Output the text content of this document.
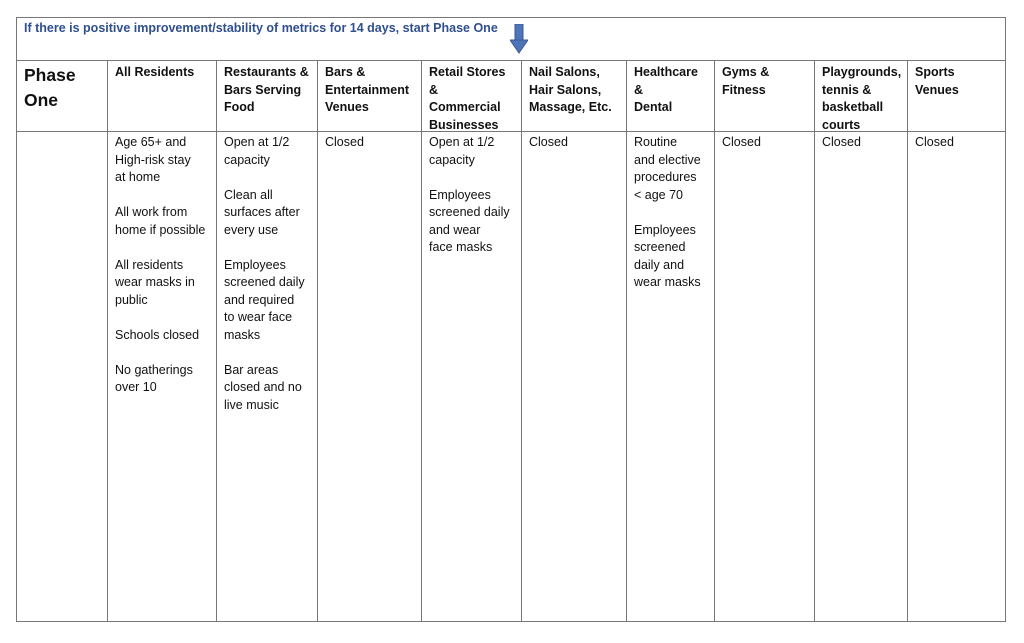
If there is positive improvement/stability of metrics for 14 days, start Phase One
Phase
One
All Residents
Age 65+ and
High-risk stay
at home

All work from
home if possible

All residents
wear masks in
public

Schools closed

No gatherings
over 10
Restaurants &
Bars Serving
Food
Open at 1/2
capacity

Clean all
surfaces after
every use

Employees
screened daily
and required
to wear face
masks

Bar areas
closed and no
live music
Bars &
Entertainment
Venues
Closed
Retail Stores &
Commercial
Businesses
Open at 1/2
capacity

Employees
screened daily
and wear
face masks
Nail Salons,
Hair Salons,
Massage, Etc.
Closed
Healthcare &
Dental
Routine
and elective
procedures
< age 70

Employees
screened
daily and
wear masks
Gyms &
Fitness
Closed
Playgrounds,
tennis &
basketball
courts
Closed
Sports
Venues
Closed
